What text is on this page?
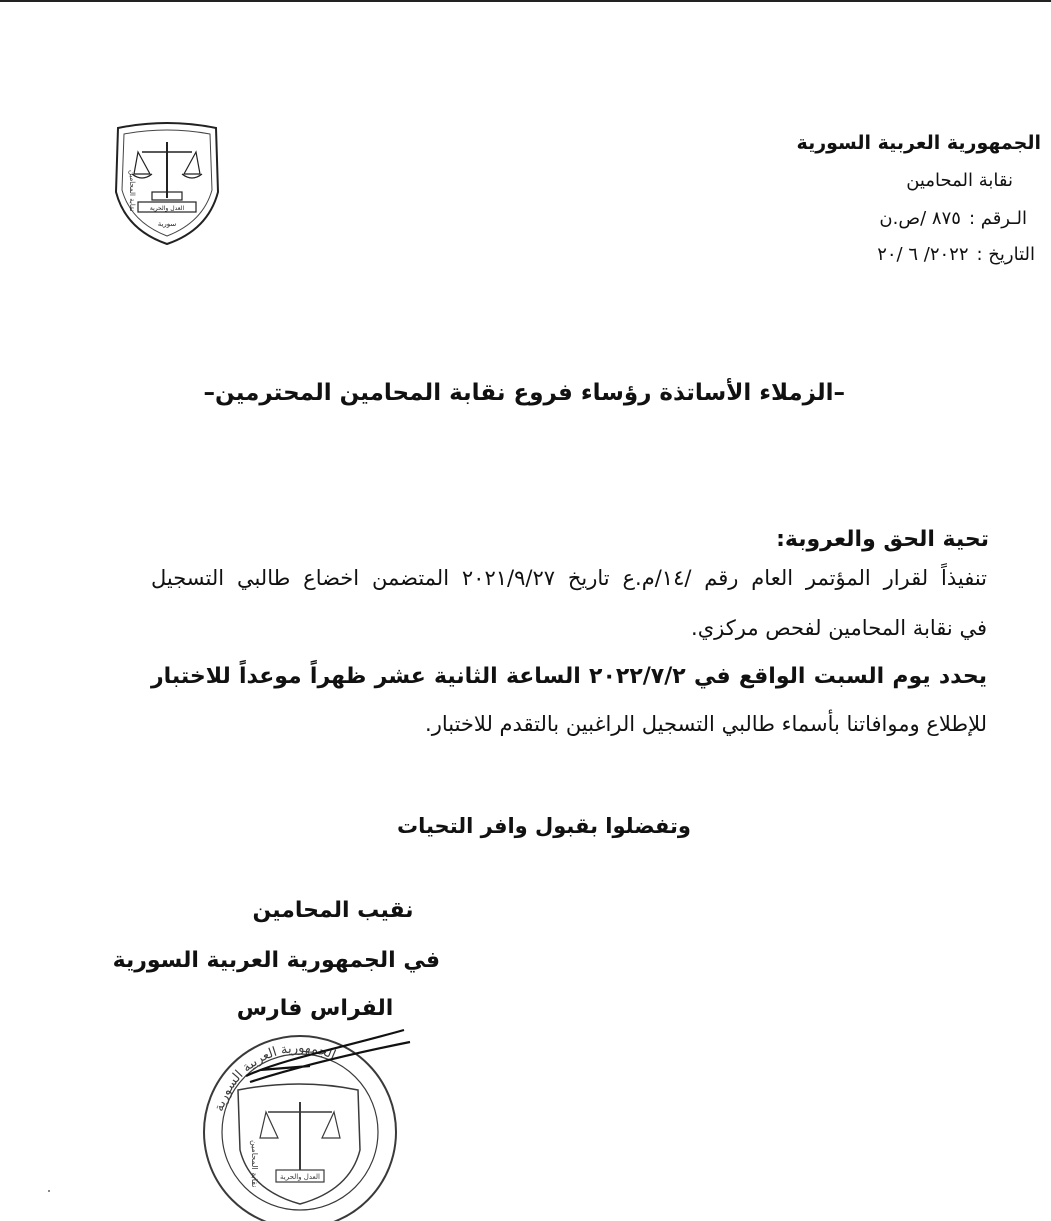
نقابة المحامين العدل والحرية
سورية
الجمهورية العربية السورية
نقابة المحامين
الـرقم :٨٧٥ /ص.ن
التاريخ :٢٠٢٢/ ٦ /٢٠
–الزملاء الأساتذة رؤساء فروع نقابة المحامين المحترمين–
تحية الحق والعروبة:
تنفيذاً لقرار المؤتمر العام رقم /١٤/م.ع تاريخ ٢٠٢١/٩/٢٧ المتضمن اخضاع طالبي التسجيل
في نقابة المحامين لفحص مركزي.
يحدد يوم السبت الواقع في ٢٠٢٢/٧/٢ الساعة الثانية عشر ظهراً موعداً للاختبار
للإطلاع وموافاتنا بأسماء طالبي التسجيل الراغبين بالتقدم للاختبار.
وتفضلوا بقبول وافر التحيات
نقيب المحامين
في الجمهورية العربية السورية
الفراس فارس
الجمهورية العربية السورية
نقابة المحامين	العدل والحرية
